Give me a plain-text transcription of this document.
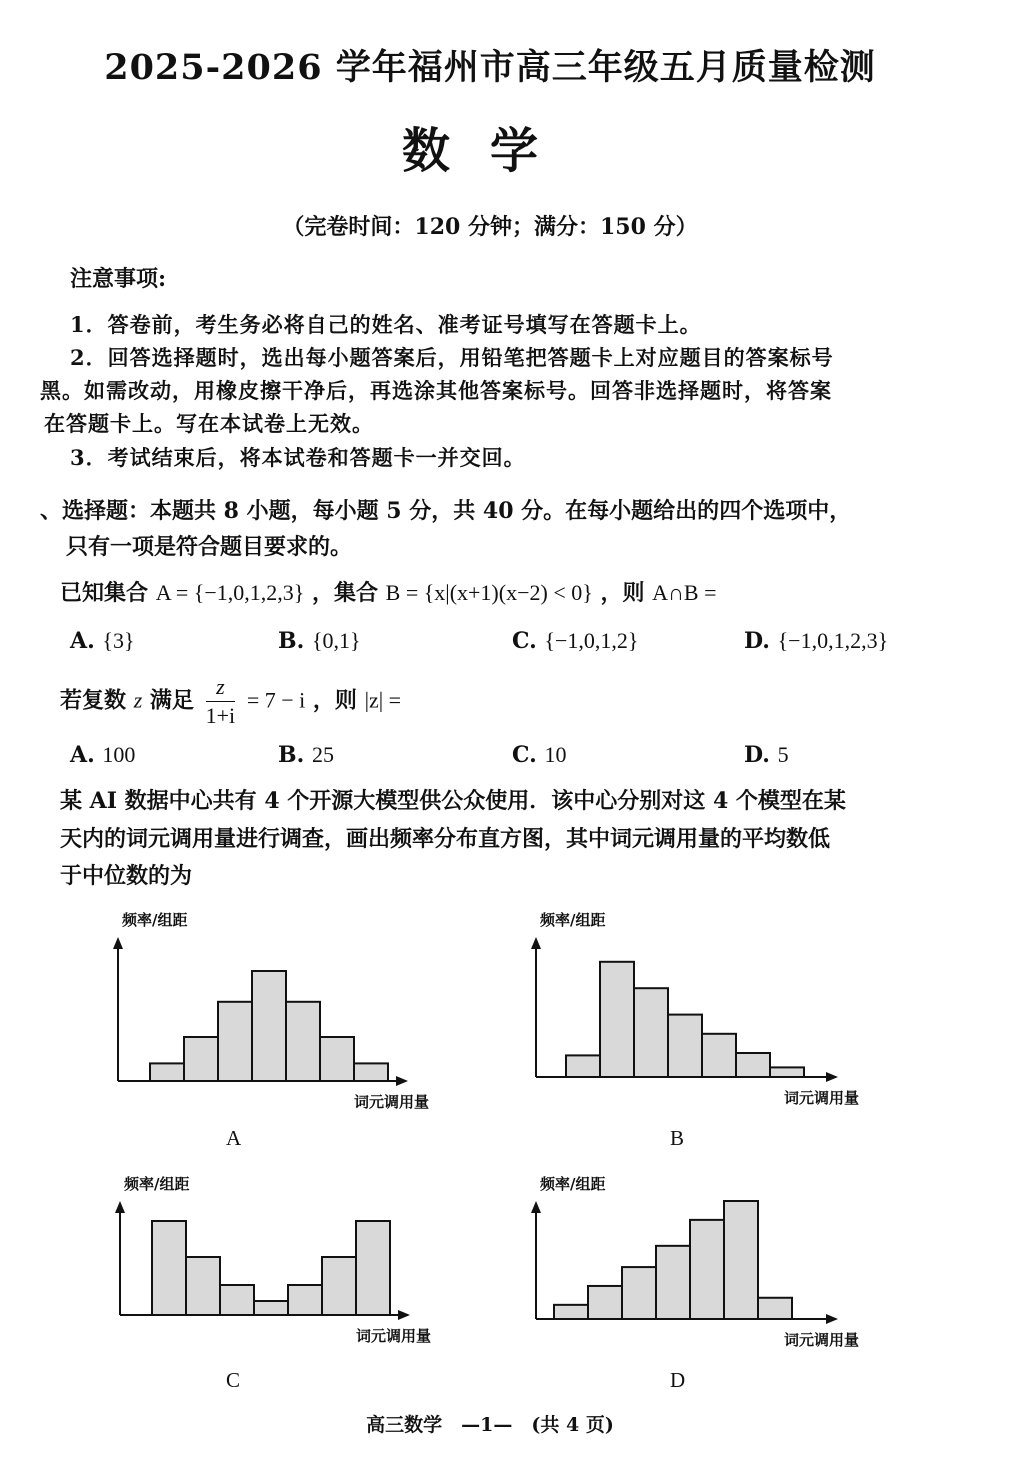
2025-2026 学年福州市高三年级五月质量检测
数学
（完卷时间：120 分钟；满分：150 分）
注意事项:
1．答卷前，考生务必将自己的姓名、准考证号填写在答题卡上。
2．回答选择题时，选出每小题答案后，用铅笔把答题卡上对应题目的答案标号
黑。如需改动，用橡皮擦干净后，再选涂其他答案标号。回答非选择题时，将答案
在答题卡上。写在本试卷上无效。
3．考试结束后，将本试卷和答题卡一并交回。
、选择题：本题共 8 小题，每小题 5 分，共 40 分。在每小题给出的四个选项中，
只有一项是符合题目要求的。
已知集合 A = {−1,0,1,2,3} ，集合 B = {x|(x+1)(x−2) < 0} ，则 A∩B =
A. {3}	B. {0,1}	C. {−1,0,1,2}	D. {−1,0,1,2,3}
若复数 z 满足 $\frac{z}{1+i} = 7 - i$ ，则 |z| =
A. 100	B. 25	C. 10	D. 5
某 AI 数据中心共有 4 个开源大模型供公众使用．该中心分别对这 4 个模型在某
天内的词元调用量进行调查，画出频率分布直方图，其中词元调用量的平均数低
于中位数的为
频率/组距
词元调用量
A
频率/组距
词元调用量
B
频率/组距
词元调用量
C
频率/组距
词元调用量
D
高三数学　—1—　(共 4 页)
